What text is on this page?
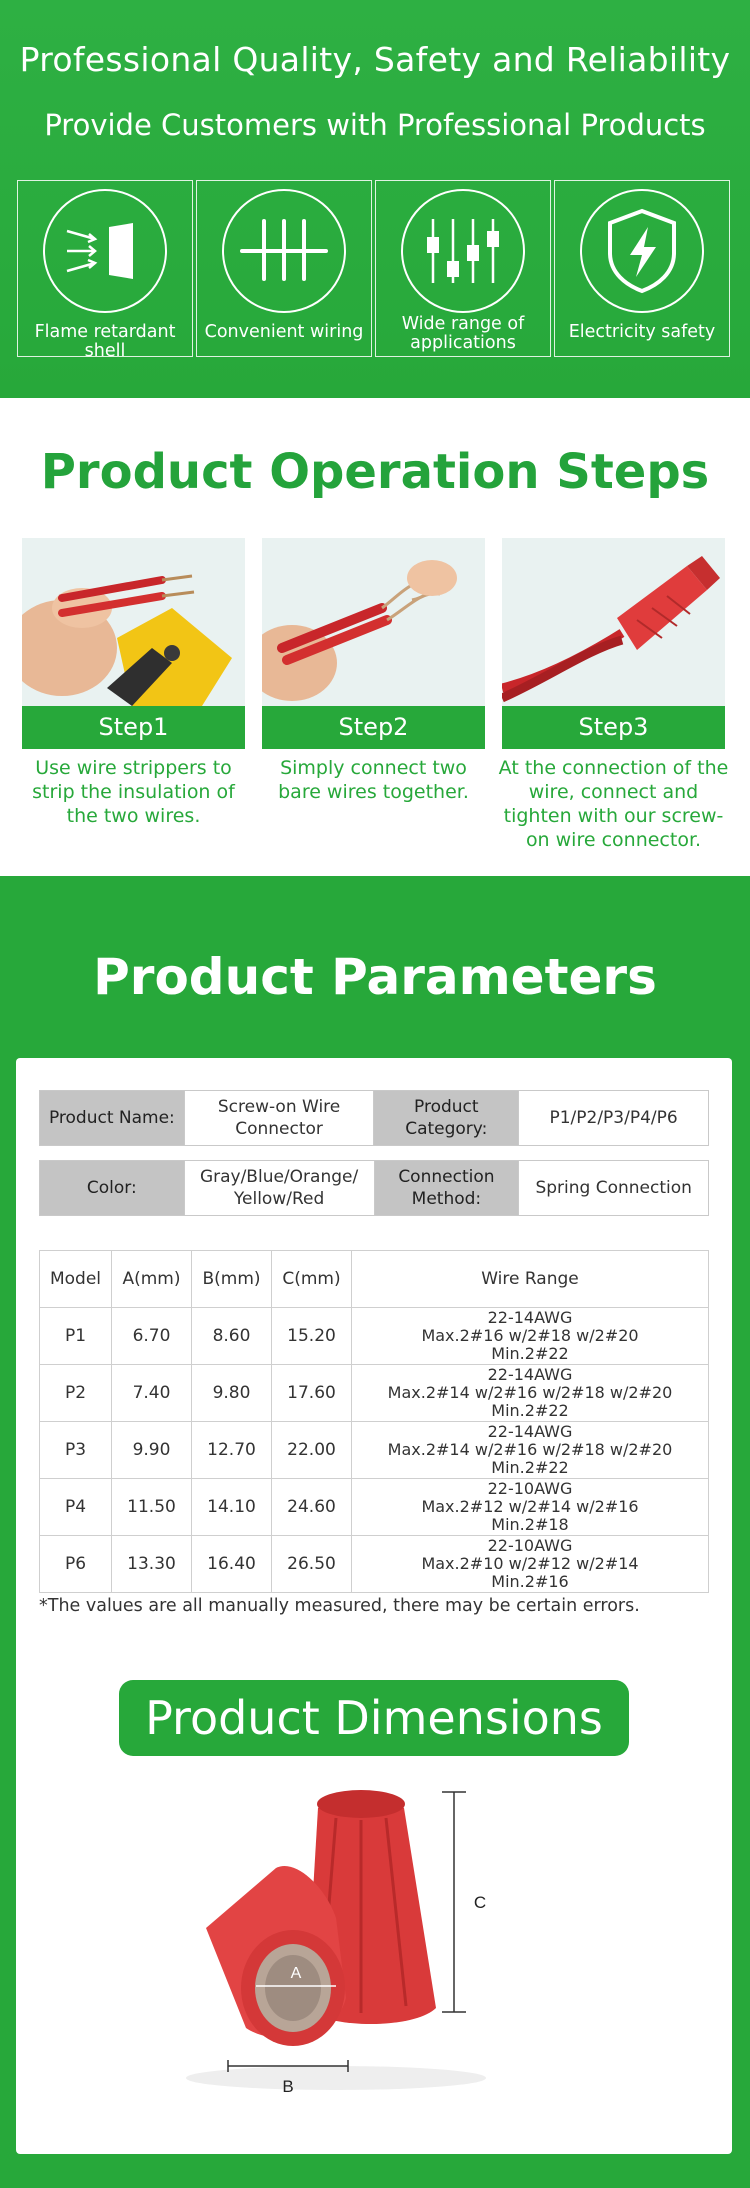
Professional Quality, Safety and Reliability
Provide Customers with Professional Products
Flame retardant shell
Convenient wiring	Wide range of applications
Electricity safety
Product Operation Steps
Step1
Use wire strippers to strip the insulation of the two wires.
Step2
Simply connect two bare wires together.
Step3
At the connection of the wire, connect and tighten with our screw-on wire connector.
Product Parameters
Product Name:	Screw-on Wire Connector	Product Category:	P1/P2/P3/P4/P6
Color:	Gray/Blue/Orange/ Yellow/Red	Connection Method:	Spring Connection
Model	A(mm)	B(mm)	C(mm)	Wire Range
P1	6.70	8.60	15.20	22-14AWG
Max.2#16 w/2#18 w/2#20
Min.2#22

P2	7.40	9.80	17.60	22-14AWG
Max.2#14 w/2#16 w/2#18 w/2#20
Min.2#22

P3	9.90	12.70	22.00	22-14AWG
Max.2#14 w/2#16 w/2#18 w/2#20
Min.2#22

P4	11.50	14.10	24.60	22-10AWG
Max.2#12 w/2#14 w/2#16
Min.2#18

P6	13.30	16.40	26.50	22-10AWG
Max.2#10 w/2#12 w/2#14
Min.2#16
*The values are all manually measured, there may be certain errors.
Product Dimensions
A
B
C
